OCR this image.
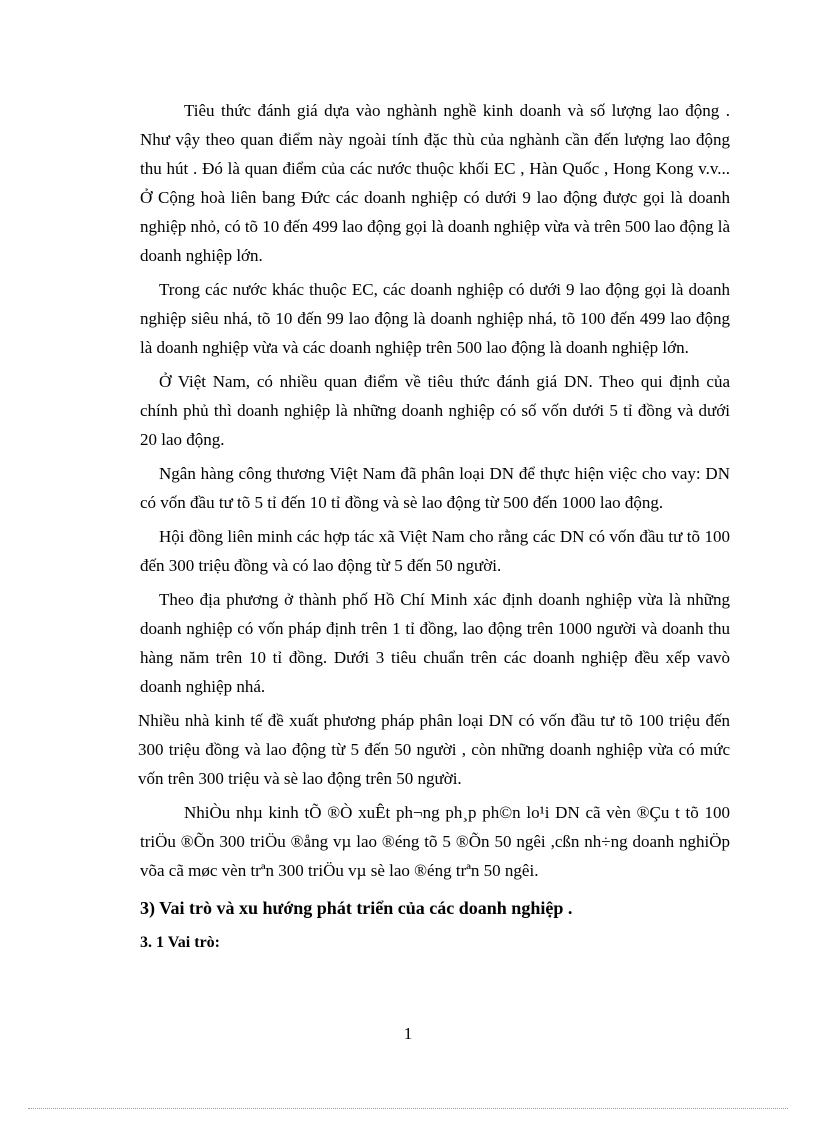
Tiêu thức đánh giá dựa vào nghành nghề kinh doanh và số lượng lao động . Như vậy theo quan điểm này ngoài tính đặc thù của nghành cần đến lượng lao động thu hút . Đó là quan điểm của các nước thuộc khối EC , Hàn Quốc , Hong Kong v.v... Ở Cộng hoà liên bang Đức các doanh nghiệp có dưới 9 lao động được gọi là doanh nghiệp nhỏ, có tõ 10 đến 499 lao động gọi là doanh nghiệp vừa và trên 500 lao động là doanh nghiệp lớn.

Trong các nước khác thuộc EC, các doanh nghiệp có dưới 9 lao động gọi là doanh nghiệp siêu nhá, tõ 10 đến 99 lao động là doanh nghiệp nhá, tõ 100 đến 499 lao động là doanh nghiệp vừa và các doanh nghiệp trên 500 lao động là doanh nghiệp lớn.

Ở Việt Nam, có nhiều quan điểm về tiêu thức đánh giá DN. Theo qui định của chính phủ thì doanh nghiệp là những doanh nghiệp có số vốn dưới 5 tỉ đồng và dưới 20 lao động.

Ngân hàng công thương Việt Nam đã phân loại DN để thực hiện việc cho vay: DN có vốn đầu tư tõ 5 tỉ đến 10 tỉ đồng và sè lao động từ 500 đến 1000 lao động.

Hội đồng liên minh các hợp tác xã Việt Nam cho rằng các DN có vốn đầu tư tõ 100 đến 300 triệu đồng và có lao động từ 5 đến 50 người.

Theo địa phương ở thành phố Hồ Chí Minh xác định doanh nghiệp vừa là những doanh nghiệp có vốn pháp định trên 1 tỉ đồng, lao động trên 1000 người và doanh thu hàng năm trên 10 tỉ đồng. Dưới 3 tiêu chuẩn trên các doanh nghiệp đều xếp vavò doanh nghiệp nhá.

Nhiều nhà kinh tế đề xuất phương pháp phân loại DN có vốn đầu tư tõ 100 triệu đến 300 triệu đồng và lao động từ 5 đến 50 người , còn những doanh nghiệp vừa có mức vốn trên 300 triệu và sè lao động trên 50 người.

NhiÒu nhµ kinh tÕ ®Ò xuÊt ph¬ng ph¸p ph©n lo¹i DN cã vèn ®Çu t tõ 100 triÖu ®Õn 300 triÖu ®ång vµ lao ®éng tõ 5 ®Õn 50 ngêi ,cßn nh÷ng doanh nghiÖp võa cã møc vèn trªn 300 triÖu vµ sè lao ®éng trªn 50 ngêi.

3) Vai trò và xu hướng phát triển của các doanh nghiệp .
3. 1 Vai trò:
1
